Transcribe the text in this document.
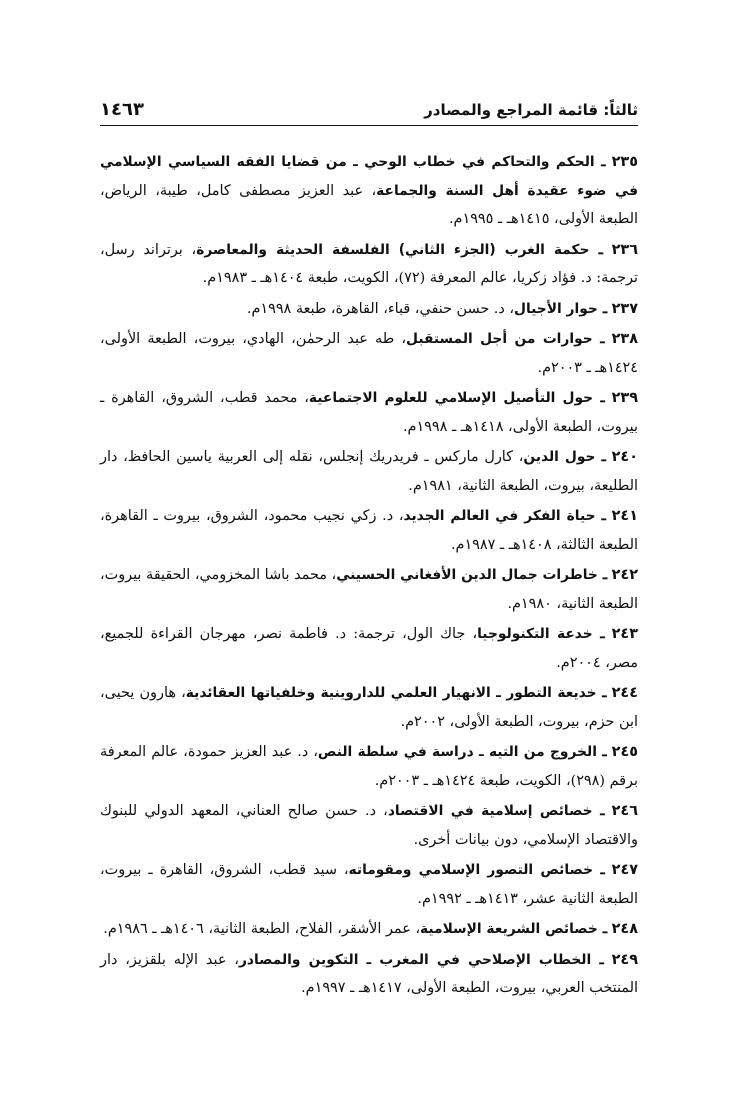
ثالثاً: قائمة المراجع والمصادر
١٤٦٣
٢٣٥ ـ الحكم والتحاكم في خطاب الوحي ـ من قضايا الفقه السياسي الإسلامي في ضوء عقيدة أهل السنة والجماعة، عبد العزيز مصطفى كامل، طيبة، الرياض، الطبعة الأولى، ١٤١٥هـ ـ ١٩٩٥م.
٢٣٦ ـ حكمة الغرب (الجزء الثاني) الفلسفة الحديثة والمعاصرة، برتراند رسل، ترجمة: د. فؤاد زكريا، عالم المعرفة (٧٢)، الكويت، طبعة ١٤٠٤هـ ـ ١٩٨٣م.
٢٣٧ ـ حوار الأجيال، د. حسن حنفي، قباء، القاهرة، طبعة ١٩٩٨م.
٢٣٨ ـ حوارات من أجل المستقبل، طه عبد الرحمٰن، الهادي، بيروت، الطبعة الأولى، ١٤٢٤هـ ـ ٢٠٠٣م.
٢٣٩ ـ حول التأصيل الإسلامي للعلوم الاجتماعية، محمد قطب، الشروق، القاهرة ـ بيروت، الطبعة الأولى، ١٤١٨هـ ـ ١٩٩٨م.
٢٤٠ ـ حول الدين، كارل ماركس ـ فريدريك إنجلس، نقله إلى العربية ياسين الحافظ، دار الطليعة، بيروت، الطبعة الثانية، ١٩٨١م.
٢٤١ ـ حياة الفكر في العالم الجديد، د. زكي نجيب محمود، الشروق، بيروت ـ القاهرة، الطبعة الثالثة، ١٤٠٨هـ ـ ١٩٨٧م.
٢٤٢ ـ خاطرات جمال الدين الأفغاني الحسيني، محمد باشا المخزومي، الحقيقة بيروت، الطبعة الثانية، ١٩٨٠م.
٢٤٣ ـ خدعة التكنولوجيا، جاك الول، ترجمة: د. فاطمة نصر، مهرجان القراءة للجميع، مصر، ٢٠٠٤م.
٢٤٤ ـ خديعة التطور ـ الانهيار العلمي للداروينية وخلفياتها العقائدية، هارون يحيى، ابن حزم، بيروت، الطبعة الأولى، ٢٠٠٢م.
٢٤٥ ـ الخروج من التيه ـ دراسة في سلطة النص، د. عبد العزيز حمودة، عالم المعرفة برقم (٢٩٨)، الكويت، طبعة ١٤٢٤هـ ـ ٢٠٠٣م.
٢٤٦ ـ خصائص إسلامية في الاقتصاد، د. حسن صالح العناني، المعهد الدولي للبنوك والاقتصاد الإسلامي، دون بيانات أخرى.
٢٤٧ ـ خصائص التصور الإسلامي ومقوماته، سيد قطب، الشروق، القاهرة ـ بيروت، الطبعة الثانية عشر، ١٤١٣هـ ـ ١٩٩٢م.
٢٤٨ ـ خصائص الشريعة الإسلامية، عمر الأشقر، الفلاح، الطبعة الثانية، ١٤٠٦هـ ـ ١٩٨٦م.
٢٤٩ ـ الخطاب الإصلاحي في المغرب ـ التكوين والمصادر، عبد الإله بلقزيز، دار المنتخب العربي، بيروت، الطبعة الأولى، ١٤١٧هـ ـ ١٩٩٧م.
